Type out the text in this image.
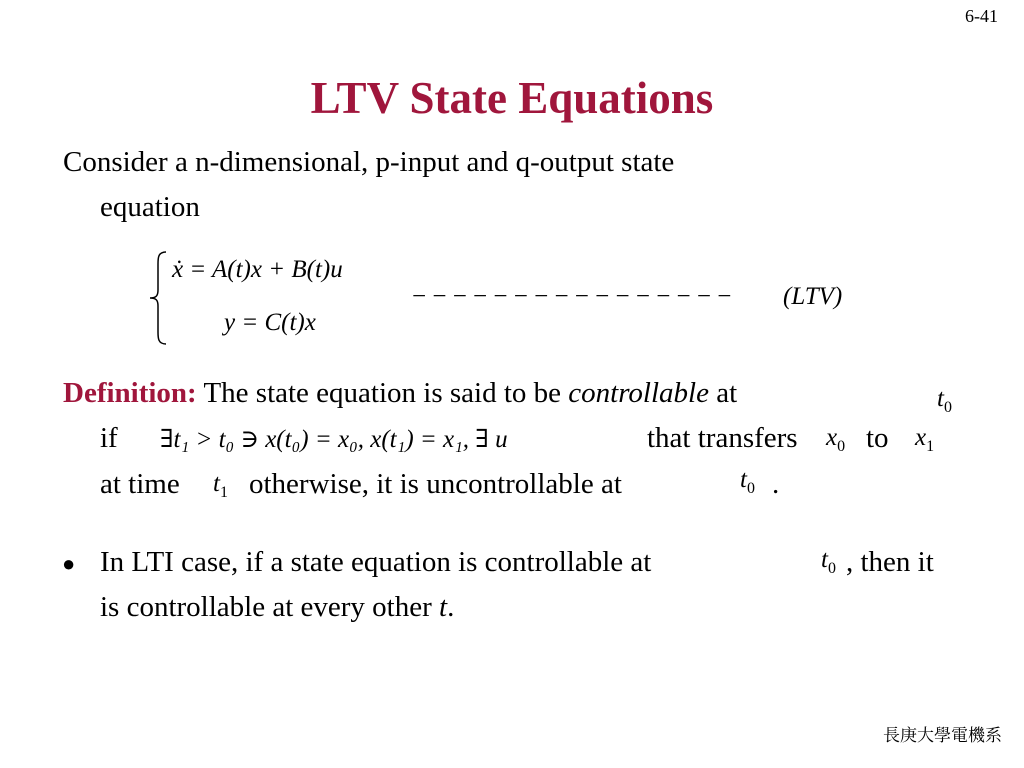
6-41
LTV State Equations
Consider a n-dimensional, p-input and q-output state
equation
ẋ = A(t)x + B(t)u
y = C(t)x
− − − − − − − − − − − − − − − − (LTV)
Definition: The state equation is said to be controllable at	$t_0$
if ∃t₁ > t₀ ∋ x(t₀) = x₀, x(t₁) = x₁, ∃ u	that transfers $x_0$ to $x_1$
at time $t_1$ otherwise, it is uncontrollable at	$t_0$ .
● In LTI case, if a state equation is controllable at	$t_0$ , then it
is controllable at every other t.
長庚大學電機系
